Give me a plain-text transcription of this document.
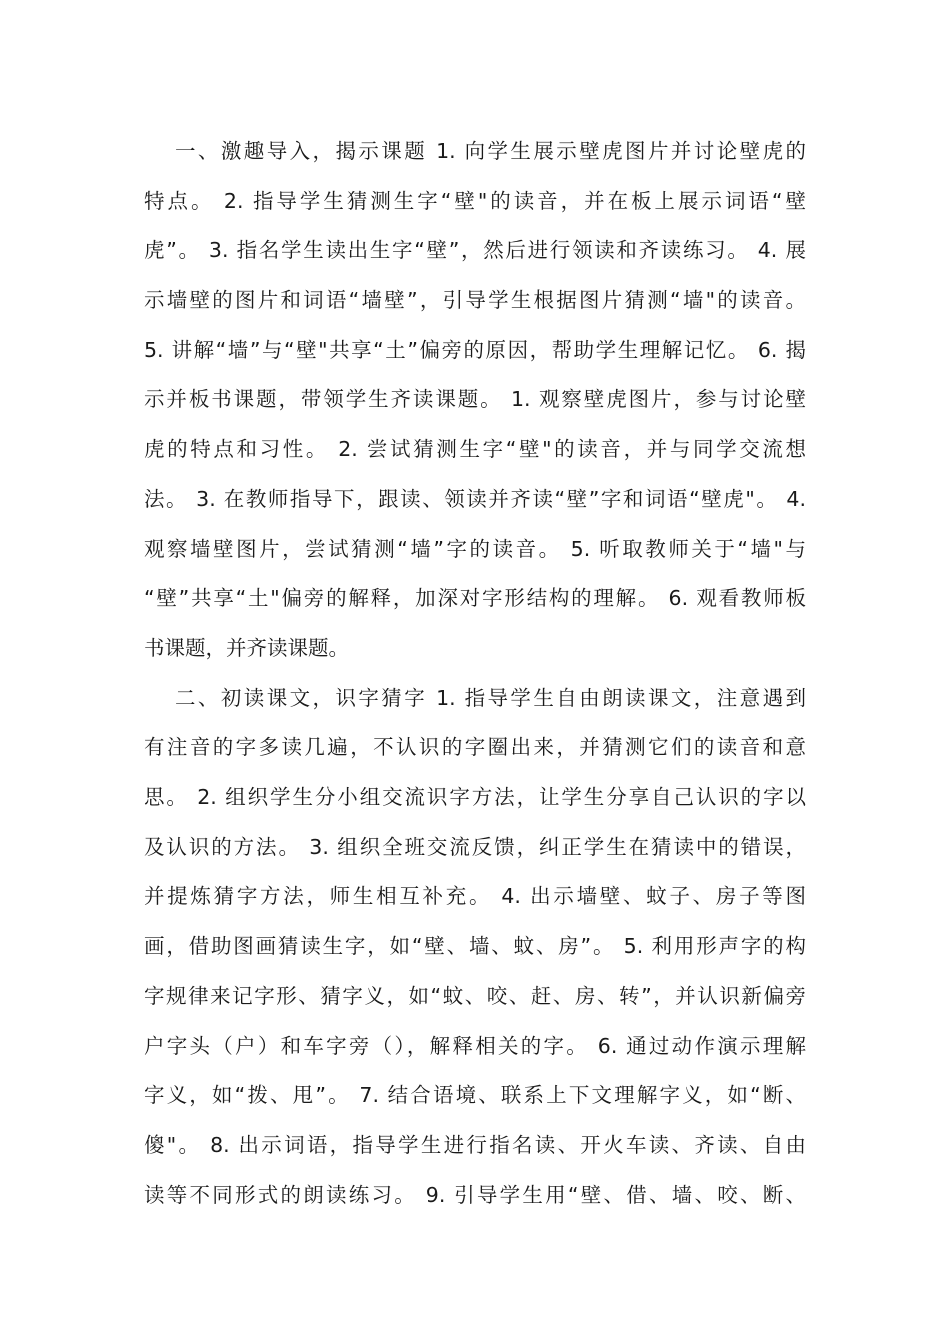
一、激趣导入，揭示课题 1. 向学生展示壁虎图片并讨论壁虎的
特点。 2. 指导学生猜测生字“壁"的读音，并在板上展示词语“壁
虎”。 3. 指名学生读出生字“壁”，然后进行领读和齐读练习。 4. 展
示墙壁的图片和词语“墙壁”，引导学生根据图片猜测“墙"的读音。
5. 讲解“墙”与“壁"共享“土”偏旁的原因，帮助学生理解记忆。 6. 揭
示并板书课题，带领学生齐读课题。 1. 观察壁虎图片，参与讨论壁
虎的特点和习性。 2. 尝试猜测生字“壁"的读音，并与同学交流想
法。 3. 在教师指导下，跟读、领读并齐读“壁”字和词语“壁虎"。 4.
观察墙壁图片，尝试猜测“墙”字的读音。 5. 听取教师关于“墙"与
“壁”共享“土"偏旁的解释，加深对字形结构的理解。 6. 观看教师板
书课题，并齐读课题。
二、初读课文，识字猜字 1. 指导学生自由朗读课文，注意遇到
有注音的字多读几遍，不认识的字圈出来，并猜测它们的读音和意
思。 2. 组织学生分小组交流识字方法，让学生分享自己认识的字以
及认识的方法。 3. 组织全班交流反馈，纠正学生在猜读中的错误，
并提炼猜字方法，师生相互补充。 4. 出示墙壁、蚊子、房子等图
画，借助图画猜读生字，如“壁、墙、蚊、房”。 5. 利用形声字的构
字规律来记字形、猜字义，如“蚊、咬、赶、房、转”，并认识新偏旁
户字头（户）和车字旁（），解释相关的字。 6. 通过动作演示理解
字义，如“拨、甩”。 7. 结合语境、联系上下文理解字义，如“断、
傻"。 8. 出示词语，指导学生进行指名读、开火车读、齐读、自由
读等不同形式的朗读练习。 9. 引导学生用“壁、借、墙、咬、断、
